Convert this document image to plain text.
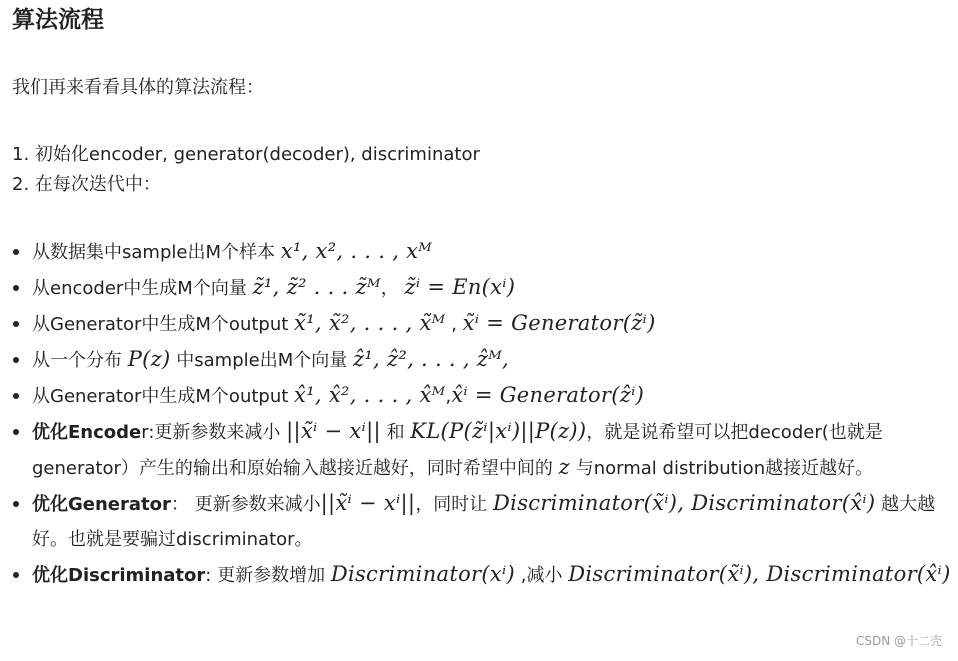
算法流程
我们再来看看具体的算法流程：
1. 初始化encoder, generator(decoder), discriminator
2. 在每次迭代中：
从数据集中sample出M个样本 x¹, x², . . . , xᴹ
从encoder中生成M个向量 z̃¹, z̃² . . . z̃ᴹ， z̃ⁱ = En(xⁱ)
从Generator中生成M个output x̃¹, x̃², . . . , x̃ᴹ , x̃ⁱ = Generator(z̃ⁱ)
从一个分布 P(z) 中sample出M个向量 ẑ¹, ẑ², . . . , ẑᴹ,
从Generator中生成M个output x̂¹, x̂², . . . , x̂ᴹ,x̂ⁱ = Generator(ẑⁱ)
优化Encoder:更新参数来减小 ||x̃ⁱ − xⁱ|| 和 KL(P(z̃ⁱ|xⁱ)||P(z))，就是说希望可以把decoder(也就是generator）产生的输出和原始输入越接近越好，同时希望中间的 z 与normal distribution越接近越好。
优化Generator： 更新参数来减小||x̃ⁱ − xⁱ||，同时让 Discriminator(x̃ⁱ), Discriminator(x̂ⁱ) 越大越好。也就是要骗过discriminator。
优化Discriminator: 更新参数增加 Discriminator(xⁱ) ,减小 Discriminator(x̃ⁱ), Discriminator(x̂ⁱ)
CSDN @十二壳
